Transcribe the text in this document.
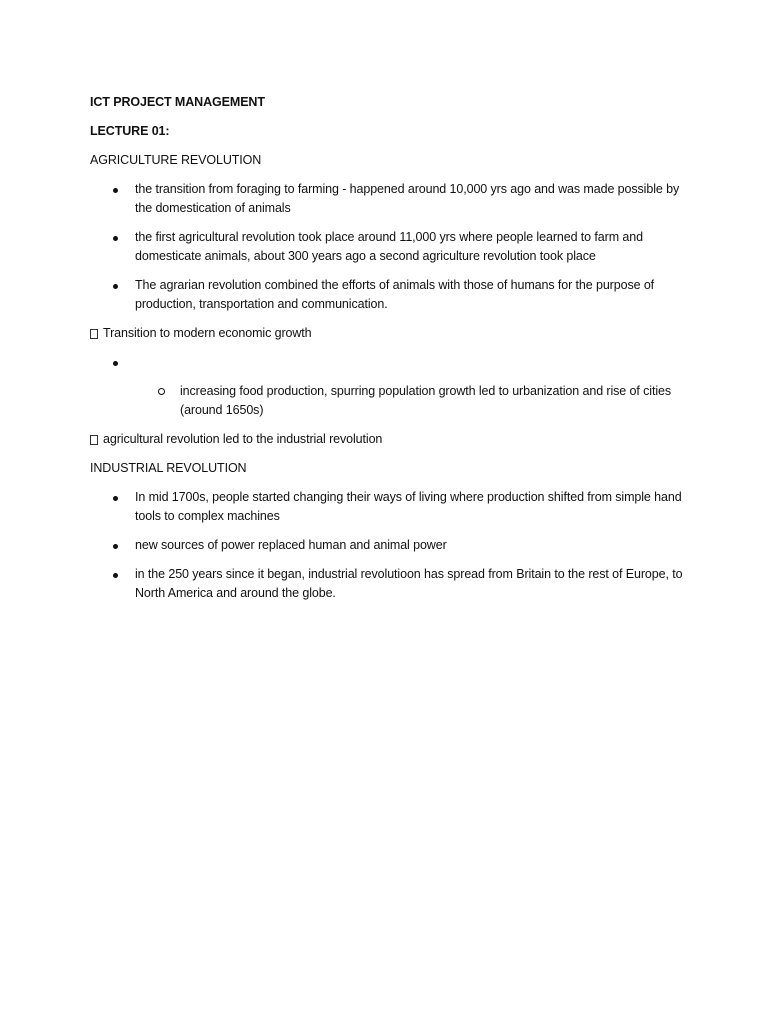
ICT PROJECT MANAGEMENT
LECTURE 01:
AGRICULTURE REVOLUTION
the transition from foraging to farming - happened around 10,000 yrs ago and was made possible by the domestication of animals
the first agricultural revolution took place around 11,000 yrs where people learned to farm and domesticate animals, about 300 years ago a second agriculture revolution took place
The agrarian revolution combined the efforts of animals with those of humans for the purpose of production, transportation and communication.
Transition to modern economic growth
increasing food production, spurring population growth led to urbanization and rise of cities (around 1650s)
agricultural revolution led to the industrial revolution
INDUSTRIAL REVOLUTION
In mid 1700s, people started changing their ways of living where production shifted from simple hand tools to complex machines
new sources of power replaced human and animal power
in the 250 years since it began, industrial revolutioon has spread from Britain to the rest of Europe, to North America and around the globe.
